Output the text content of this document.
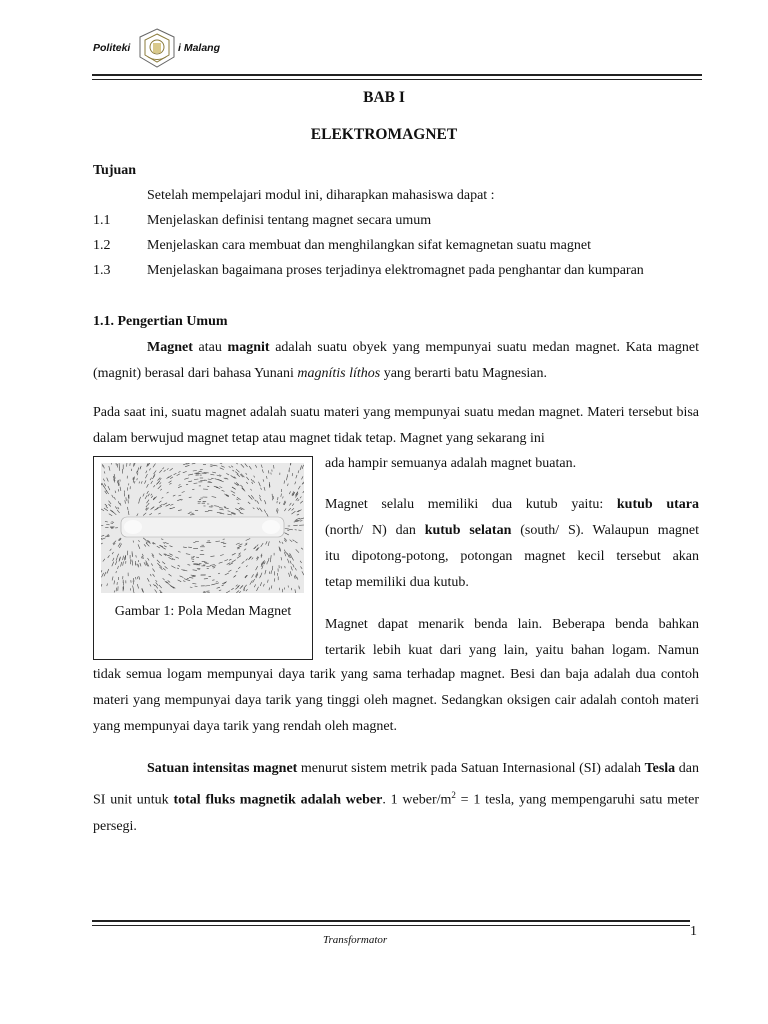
Politeki	i Malang
BAB I
ELEKTROMAGNET
Tujuan
Setelah mempelajari modul ini, diharapkan mahasiswa dapat :
1.1	Menjelaskan definisi tentang magnet secara umum
1.2	Menjelaskan cara membuat dan menghilangkan sifat kemagnetan suatu magnet
1.3	Menjelaskan bagaimana proses terjadinya elektromagnet pada penghantar dan kumparan
1.1. Pengertian Umum
Magnet atau magnit adalah suatu obyek yang mempunyai suatu medan magnet. Kata magnet (magnit) berasal dari bahasa Yunani magnítis líthos yang berarti batu Magnesian.
Pada saat ini, suatu magnet adalah suatu materi yang mempunyai suatu medan magnet. Materi tersebut bisa dalam berwujud magnet tetap atau magnet tidak tetap. Magnet yang sekarang ini
ada hampir semuanya adalah magnet buatan.
Gambar 1: Pola Medan Magnet
Magnet selalu memiliki dua kutub yaitu: kutub utara
(north/ N) dan kutub selatan (south/ S). Walaupun magnet
itu dipotong-potong, potongan magnet kecil tersebut akan
tetap memiliki dua kutub.
Magnet dapat menarik benda lain. Beberapa benda bahkan
tertarik lebih kuat dari yang lain, yaitu bahan logam. Namun
tidak semua logam mempunyai daya tarik yang sama terhadap magnet. Besi dan baja adalah dua contoh materi yang mempunyai daya tarik yang tinggi oleh magnet. Sedangkan oksigen cair adalah contoh materi yang mempunyai daya tarik yang rendah oleh magnet.
Satuan intensitas magnet menurut sistem metrik pada Satuan Internasional (SI) adalah Tesla dan SI unit untuk total fluks magnetik adalah weber. 1 weber/$m^2 = 1$ tesla, yang mempengaruhi satu meter persegi.
1
Transformator
